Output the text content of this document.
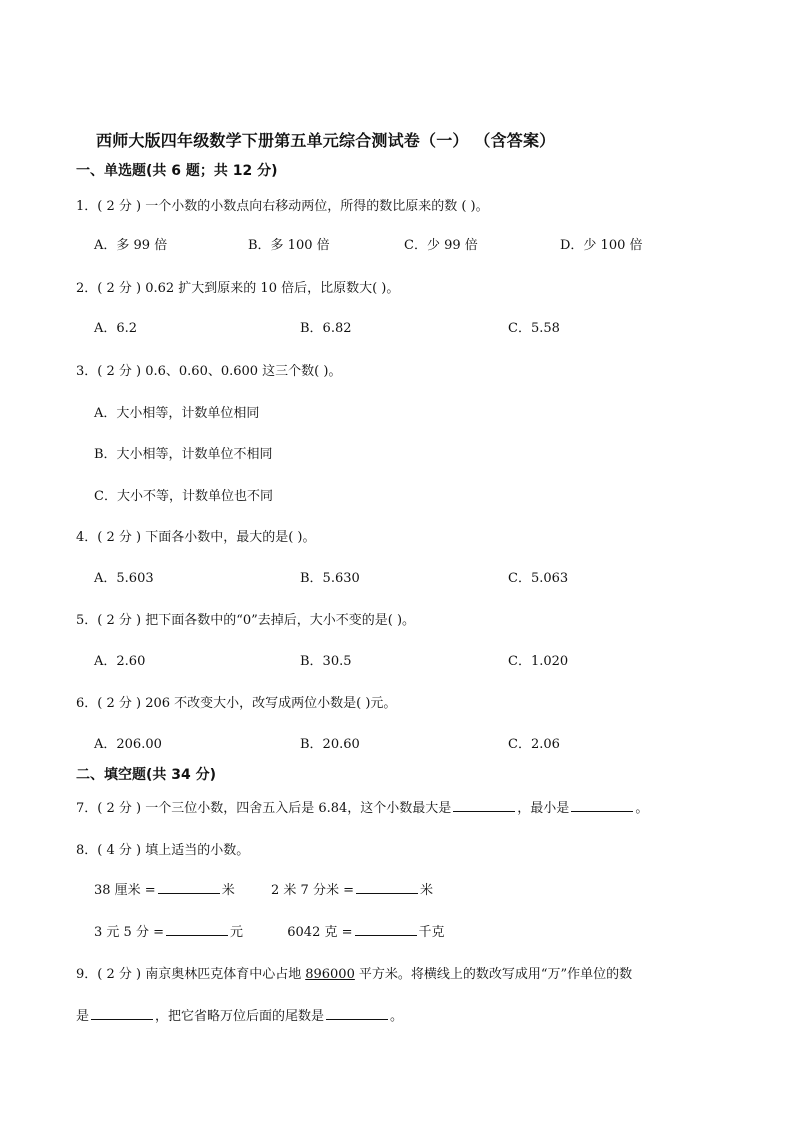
西师大版四年级数学下册第五单元综合测试卷（一） （含答案）
一、单选题(共 6 题；共 12 分)
1．( 2 分 ) 一个小数的小数点向右移动两位，所得的数比原来的数 ( )。
A．多 99 倍	B．多 100 倍	C．少 99 倍	D．少 100 倍
2．( 2 分 ) 0.62 扩大到原来的 10 倍后，比原数大( )。
A．6.2	B．6.82	C．5.58
3．( 2 分 ) 0.6、0.60、0.600 这三个数( )。
A．大小相等，计数单位相同
B．大小相等，计数单位不相同
C．大小不等，计数单位也不同
4．( 2 分 ) 下面各小数中，最大的是( )。
A．5.603	B．5.630	C．5.063
5．( 2 分 ) 把下面各数中的“0”去掉后，大小不变的是( )。
A．2.60	B．30.5	C．1.020
6．( 2 分 ) 206 不改变大小，改写成两位小数是( )元。
A．206.00	B．20.60	C．2.06
二、填空题(共 34 分)
7．( 2 分 ) 一个三位小数，四舍五入后是 6.84，这个小数最大是	，最小是	。
8．( 4 分 ) 填上适当的小数。
38 厘米 =	米	2 米 7 分米 =	米
3 元 5 分 =	元	6042 克 =	千克
9．( 2 分 ) 南京奥林匹克体育中心占地 896000 平方米。将横线上的数改写成用“万”作单位的数
是	，把它省略万位后面的尾数是	。
